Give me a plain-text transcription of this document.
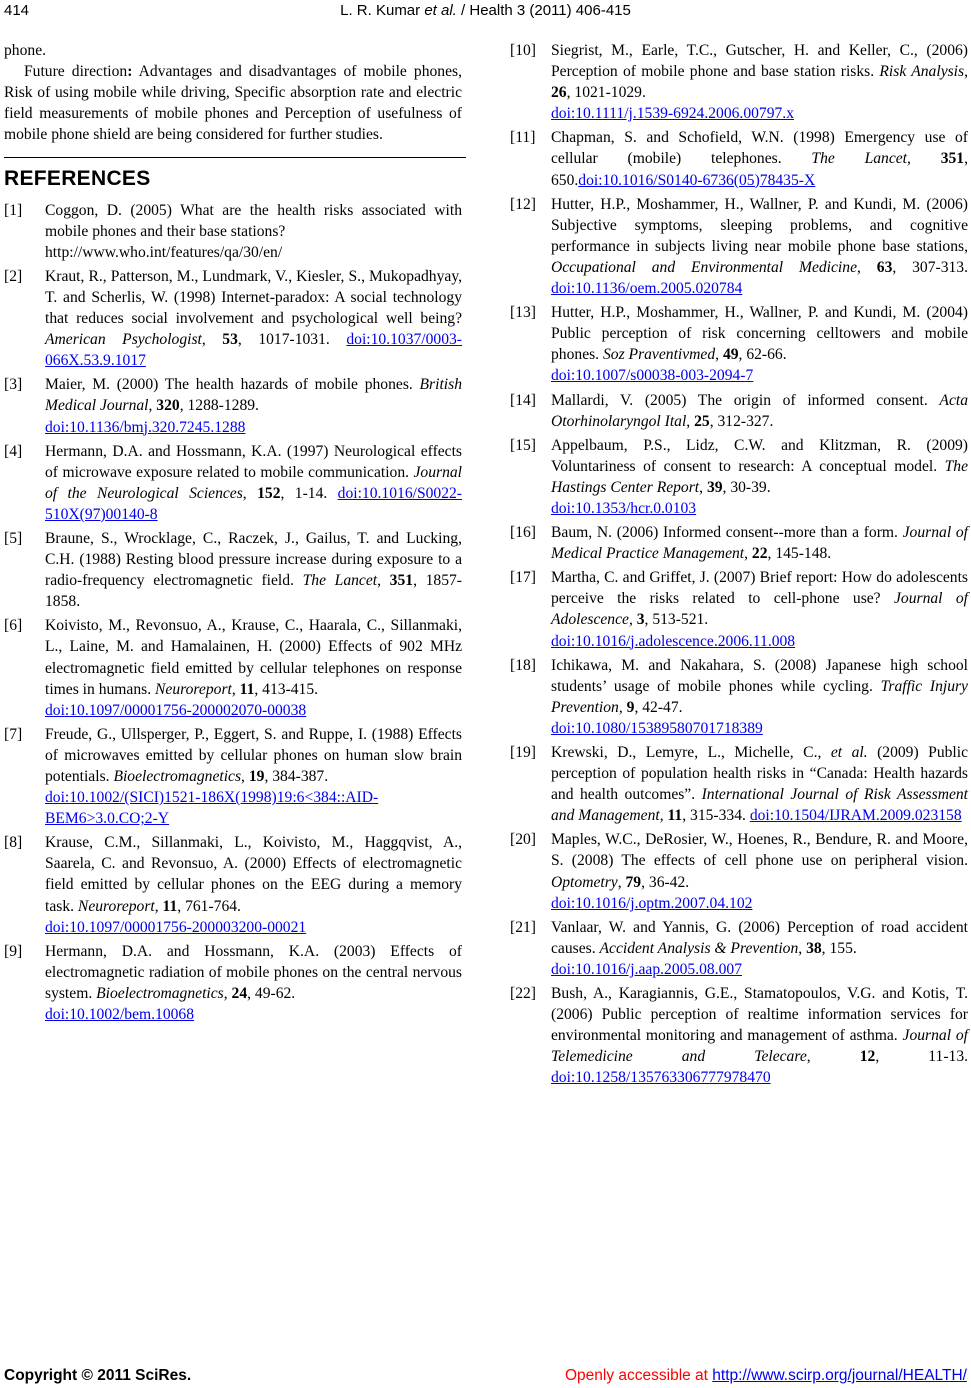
414	L. R. Kumar et al. / Health 3 (2011) 406-415

phone.

Future direction: Advantages and disadvantages of mobile phones, Risk of using mobile while driving, Specific absorption rate and electric field measurements of mobile phones and Perception of usefulness of mobile phone shield are being considered for further studies.

REFERENCES
[1]	Coggon, D. (2005) What are the health risks associated with mobile phones and their base stations?
http://www.who.int/features/qa/30/en/
[2]	Kraut, R., Patterson, M., Lundmark, V., Kiesler, S., Mukopadhyay, T. and Scherlis, W. (1998) Internet-paradox: A social technology that reduces social involvement and psychological well being? American Psychologist, 53, 1017-1031. doi:10.1037/0003-066X.53.9.1017
[3]	Maier, M. (2000) The health hazards of mobile phones. British Medical Journal, 320, 1288-1289.
doi:10.1136/bmj.320.7245.1288
[4]	Hermann, D.A. and Hossmann, K.A. (1997) Neurological effects of microwave exposure related to mobile communication. Journal of the Neurological Sciences, 152, 1-14. doi:10.1016/S0022-510X(97)00140-8
[5]	Braune, S., Wrocklage, C., Raczek, J., Gailus, T. and Lucking, C.H. (1988) Resting blood pressure increase during exposure to a radio-frequency electromagnetic field. The Lancet, 351, 1857-1858.
[6]	Koivisto, M., Revonsuo, A., Krause, C., Haarala, C., Sillanmaki, L., Laine, M. and Hamalainen, H. (2000) Effects of 902 MHz electromagnetic field emitted by cellular telephones on response times in humans. Neuroreport, 11, 413-415.
doi:10.1097/00001756-200002070-00038
[7]	Freude, G., Ullsperger, P., Eggert, S. and Ruppe, I. (1988) Effects of microwaves emitted by cellular phones on human slow brain potentials. Bioelectromagnetics, 19, 384-387.
doi:10.1002/(SICI)1521-186X(1998)19:6<384::AID-BEM6>3.0.CO;2-Y
[8]	Krause, C.M., Sillanmaki, L., Koivisto, M., Haggqvist, A., Saarela, C. and Revonsuo, A. (2000) Effects of electromagnetic field emitted by cellular phones on the EEG during a memory task. Neuroreport, 11, 761-764.
doi:10.1097/00001756-200003200-00021
[9]	Hermann, D.A. and Hossmann, K.A. (2003) Effects of electromagnetic radiation of mobile phones on the central nervous system. Bioelectromagnetics, 24, 49-62.
doi:10.1002/bem.10068
[10] Siegrist, M., Earle, T.C., Gutscher, H. and Keller, C., (2006) Perception of mobile phone and base station risks. Risk Analysis, 26, 1021-1029.
doi:10.1111/j.1539-6924.2006.00797.x
[11] Chapman, S. and Schofield, W.N. (1998) Emergency use of cellular (mobile) telephones. The Lancet, 351, 650.doi:10.1016/S0140-6736(05)78435-X
[12] Hutter, H.P., Moshammer, H., Wallner, P. and Kundi, M. (2006) Subjective symptoms, sleeping problems, and cognitive performance in subjects living near mobile phone base stations, Occupational and Environmental Medicine, 63, 307-313. doi:10.1136/oem.2005.020784
[13] Hutter, H.P., Moshammer, H., Wallner, P. and Kundi, M. (2004) Public perception of risk concerning celltowers and mobile phones. Soz Praventivmed, 49, 62-66.
doi:10.1007/s00038-003-2094-7
[14] Mallardi, V. (2005) The origin of informed consent. Acta Otorhinolaryngol Ital, 25, 312-327.
[15] Appelbaum, P.S., Lidz, C.W. and Klitzman, R. (2009) Voluntariness of consent to research: A conceptual model. The Hastings Center Report, 39, 30-39.
doi:10.1353/hcr.0.0103
[16] Baum, N. (2006) Informed consent--more than a form. Journal of Medical Practice Management, 22, 145-148.
[17] Martha, C. and Griffet, J. (2007) Brief report: How do adolescents perceive the risks related to cell-phone use? Journal of Adolescence, 3, 513-521.
doi:10.1016/j.adolescence.2006.11.008
[18] Ichikawa, M. and Nakahara, S. (2008) Japanese high school students’ usage of mobile phones while cycling. Traffic Injury Prevention, 9, 42-47.
doi:10.1080/15389580701718389
[19] Krewski, D., Lemyre, L., Michelle, C., et al. (2009) Public perception of population health risks in “Canada: Health hazards and health outcomes”. International Journal of Risk Assessment and Management, 11, 315-334. doi:10.1504/IJRAM.2009.023158
[20] Maples, W.C., DeRosier, W., Hoenes, R., Bendure, R. and Moore, S. (2008) The effects of cell phone use on peripheral vision. Optometry, 79, 36-42.
doi:10.1016/j.optm.2007.04.102
[21] Vanlaar, W. and Yannis, G. (2006) Perception of road accident causes. Accident Analysis & Prevention, 38, 155.
doi:10.1016/j.aap.2005.08.007
[22] Bush, A., Karagiannis, G.E., Stamatopoulos, V.G. and Kotis, T. (2006) Public perception of realtime information services for environmental monitoring and management of asthma. Journal of Telemedicine and Telecare, 12, 11-13. doi:10.1258/135763306777978470
Copyright © 2011 SciRes.	Openly accessible at http://www.scirp.org/journal/HEALTH/
